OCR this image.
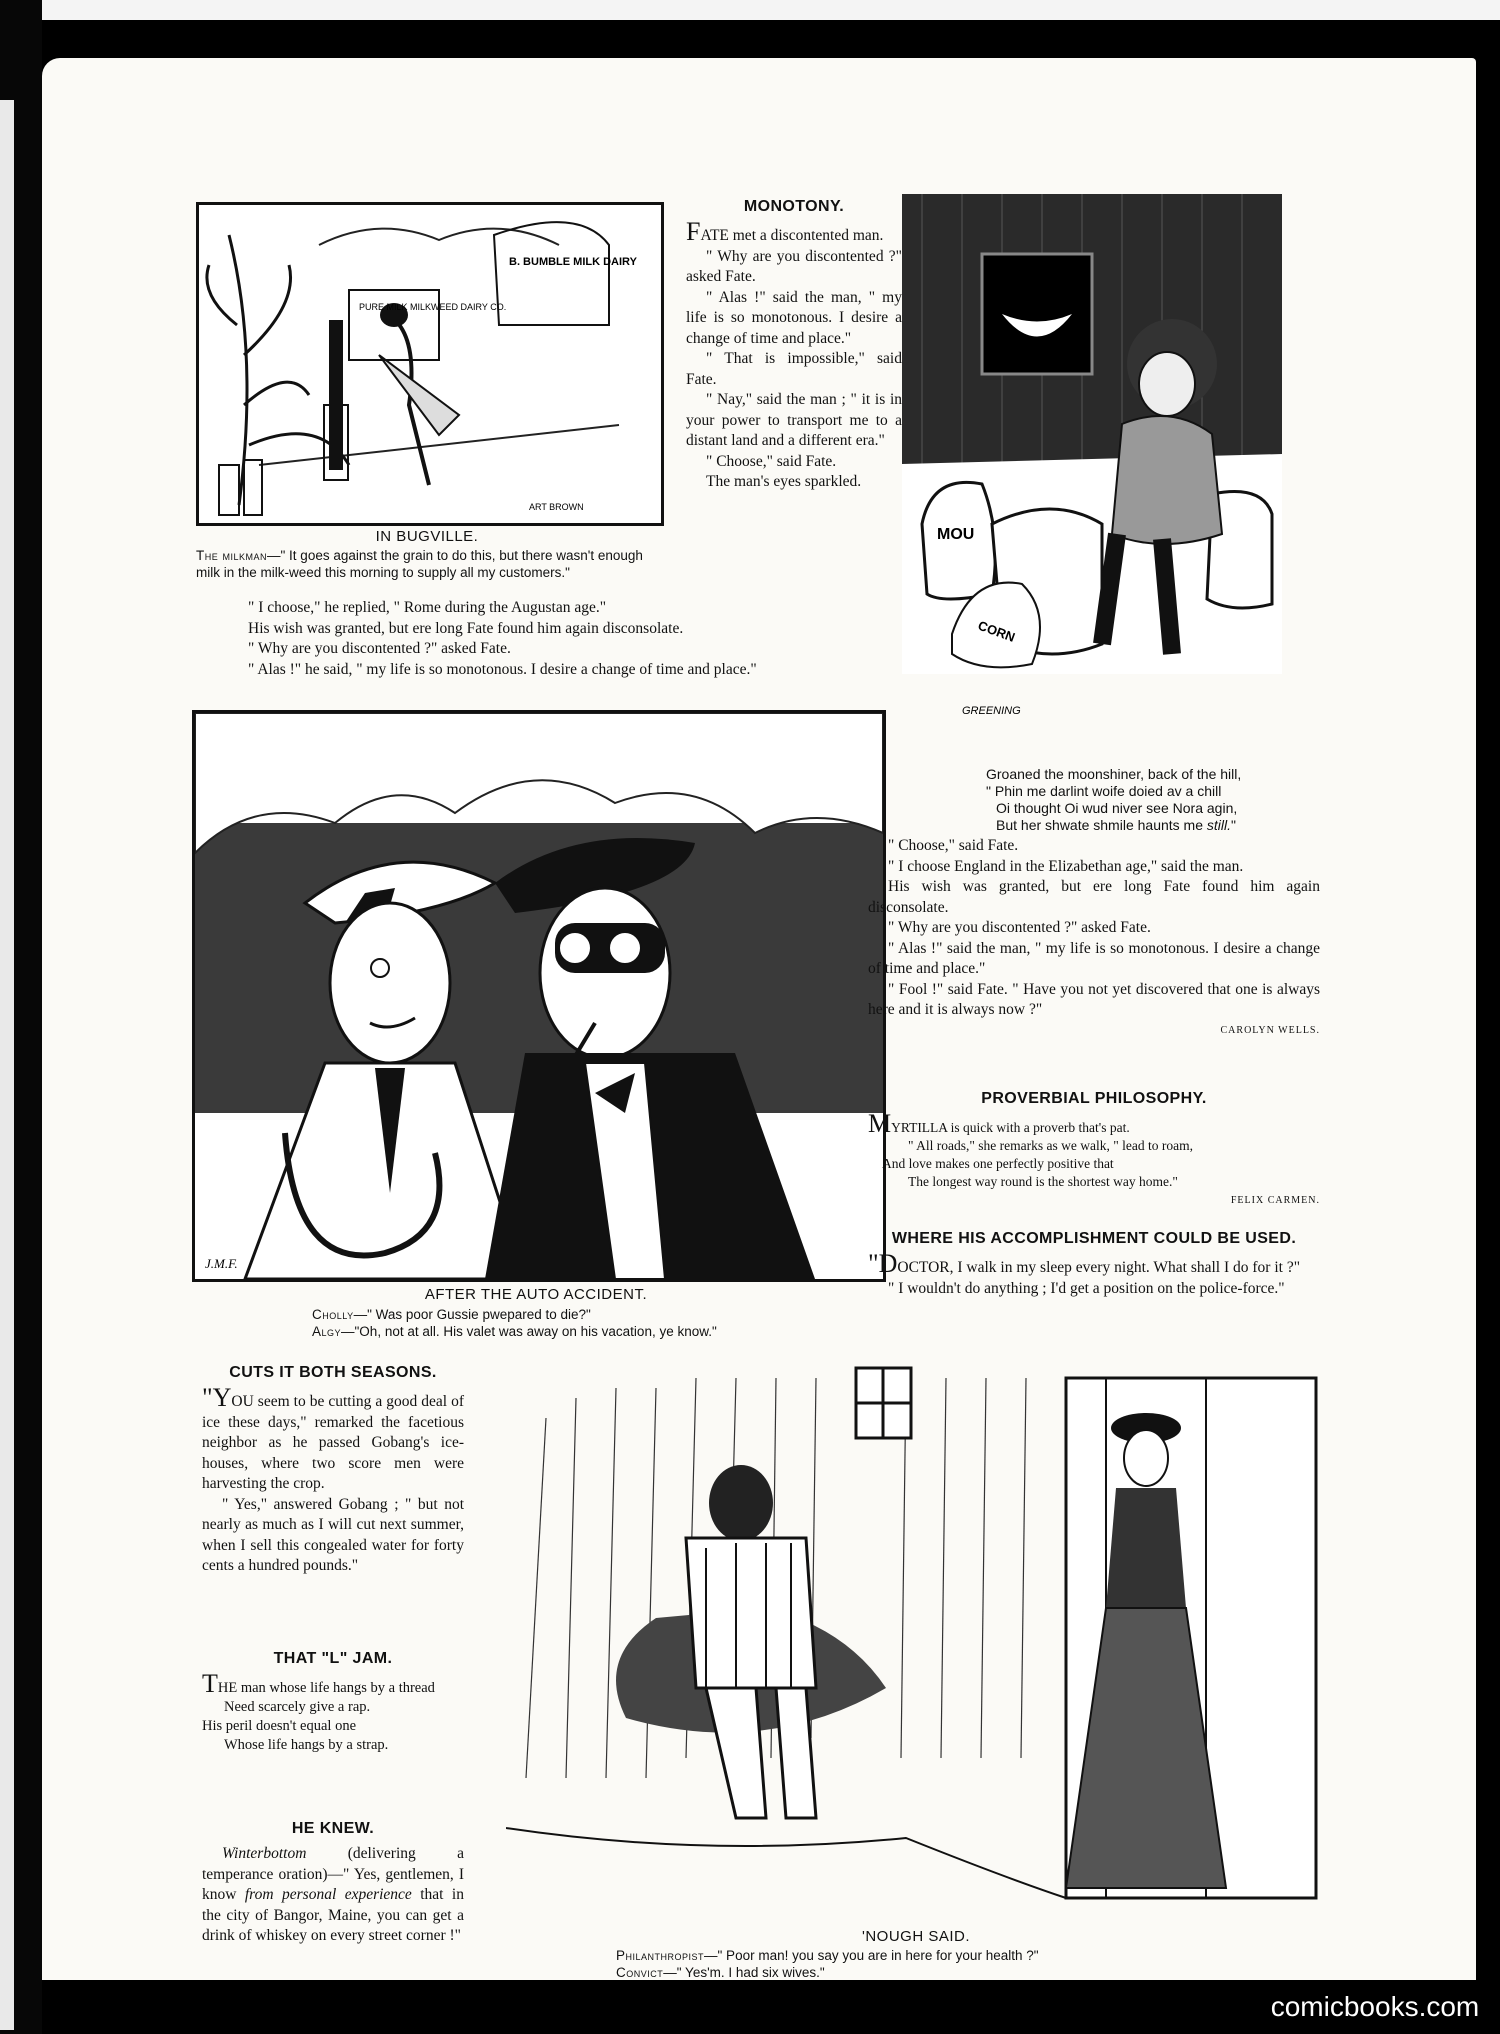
PURE MILK MILKWEED DAIRY CO.
B. BUMBLE MILK DAIRY
ART BROWN
IN BUGVILLE.
The milkman—" It goes against the grain to do this, but there wasn't enough milk in the milk-weed this morning to supply all my customers."
MONOTONY.

FATE met a discontented man.

" Why are you discontented ?" asked Fate.

" Alas !" said the man, " my life is so monotonous. I desire a change of time and place."

" That is impossible," said Fate.

" Nay," said the man ; " it is in your power to transport me to a distant land and a different era."

" Choose," said Fate.

The man's eyes sparkled.

" I choose," he replied, " Rome during the Augustan age."

His wish was granted, but ere long Fate found him again disconsolate.

" Why are you discontented ?" asked Fate.

" Alas !" he said, " my life is so monotonous. I desire a change of time and place."

MOU
CORN
GREENING
Groaned the moonshiner, back of the hill,
" Phin me darlint woife doied av a chill
Oi thought Oi wud niver see Nora agin,
But her shwate shmile haunts me still."
J.M.F.
AFTER THE AUTO ACCIDENT.
Cholly—" Was poor Gussie pwepared to die?"
Algy—"Oh, not at all. His valet was away on his vacation, ye know."

" Choose," said Fate.

" I choose England in the Elizabethan age," said the man.

His wish was granted, but ere long Fate found him again disconsolate.

" Why are you discontented ?" asked Fate.

" Alas !" said the man, " my life is so monotonous. I desire a change of time and place."

" Fool !" said Fate. " Have you not yet discovered that one is always here and it is always now ?"

CAROLYN WELLS.
PROVERBIAL PHILOSOPHY.

MYRTILLA is quick with a proverb that's pat.

" All roads," she remarks as we walk, " lead to roam,

And love makes one perfectly positive that

The longest way round is the shortest way home."

FELIX CARMEN.
WHERE HIS ACCOMPLISHMENT COULD BE USED.

"DOCTOR, I walk in my sleep every night. What shall I do for it ?"

" I wouldn't do anything ; I'd get a position on the police-force."

CUTS IT BOTH SEASONS.

"YOU seem to be cutting a good deal of ice these days," remarked the facetious neighbor as he passed Gobang's ice-houses, where two score men were harvesting the crop.

" Yes," answered Gobang ; " but not nearly as much as I will cut next summer, when I sell this congealed water for forty cents a hundred pounds."

THAT "L" JAM.

THE man whose life hangs by a thread

Need scarcely give a rap.

His peril doesn't equal one

Whose life hangs by a strap.

HE KNEW.

Winterbottom (delivering a temperance oration)—" Yes, gentlemen, I know from personal experience that in the city of Bangor, Maine, you can get a drink of whiskey on every street corner !"	'NOUGH SAID.
Philanthropist—" Poor man! you say you are in here for your health ?"
Convict—" Yes'm. I had six wives."
comicbooks.com
